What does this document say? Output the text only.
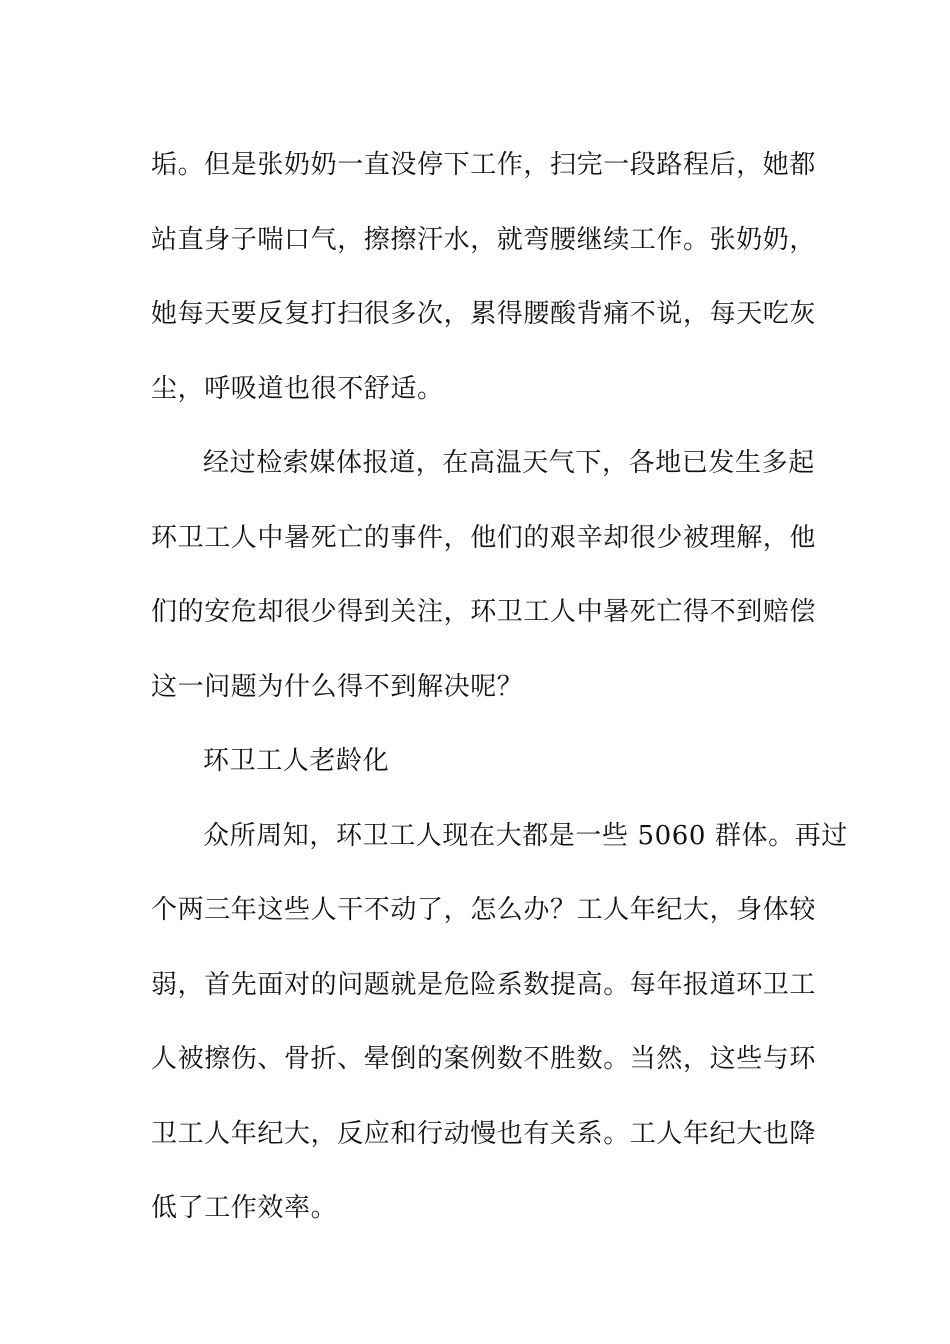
垢。但是张奶奶一直没停下工作，扫完一段路程后，她都
站直身子喘口气，擦擦汗水，就弯腰继续工作。张奶奶，
她每天要反复打扫很多次，累得腰酸背痛不说，每天吃灰
尘，呼吸道也很不舒适。
经过检索媒体报道，在高温天气下，各地已发生多起
环卫工人中暑死亡的事件，他们的艰辛却很少被理解，他
们的安危却很少得到关注，环卫工人中暑死亡得不到赔偿
这一问题为什么得不到解决呢？
环卫工人老龄化
众所周知，环卫工人现在大都是一些 5060 群体。再过
个两三年这些人干不动了，怎么办？工人年纪大，身体较
弱，首先面对的问题就是危险系数提高。每年报道环卫工
人被擦伤、骨折、晕倒的案例数不胜数。当然，这些与环
卫工人年纪大，反应和行动慢也有关系。工人年纪大也降
低了工作效率。
